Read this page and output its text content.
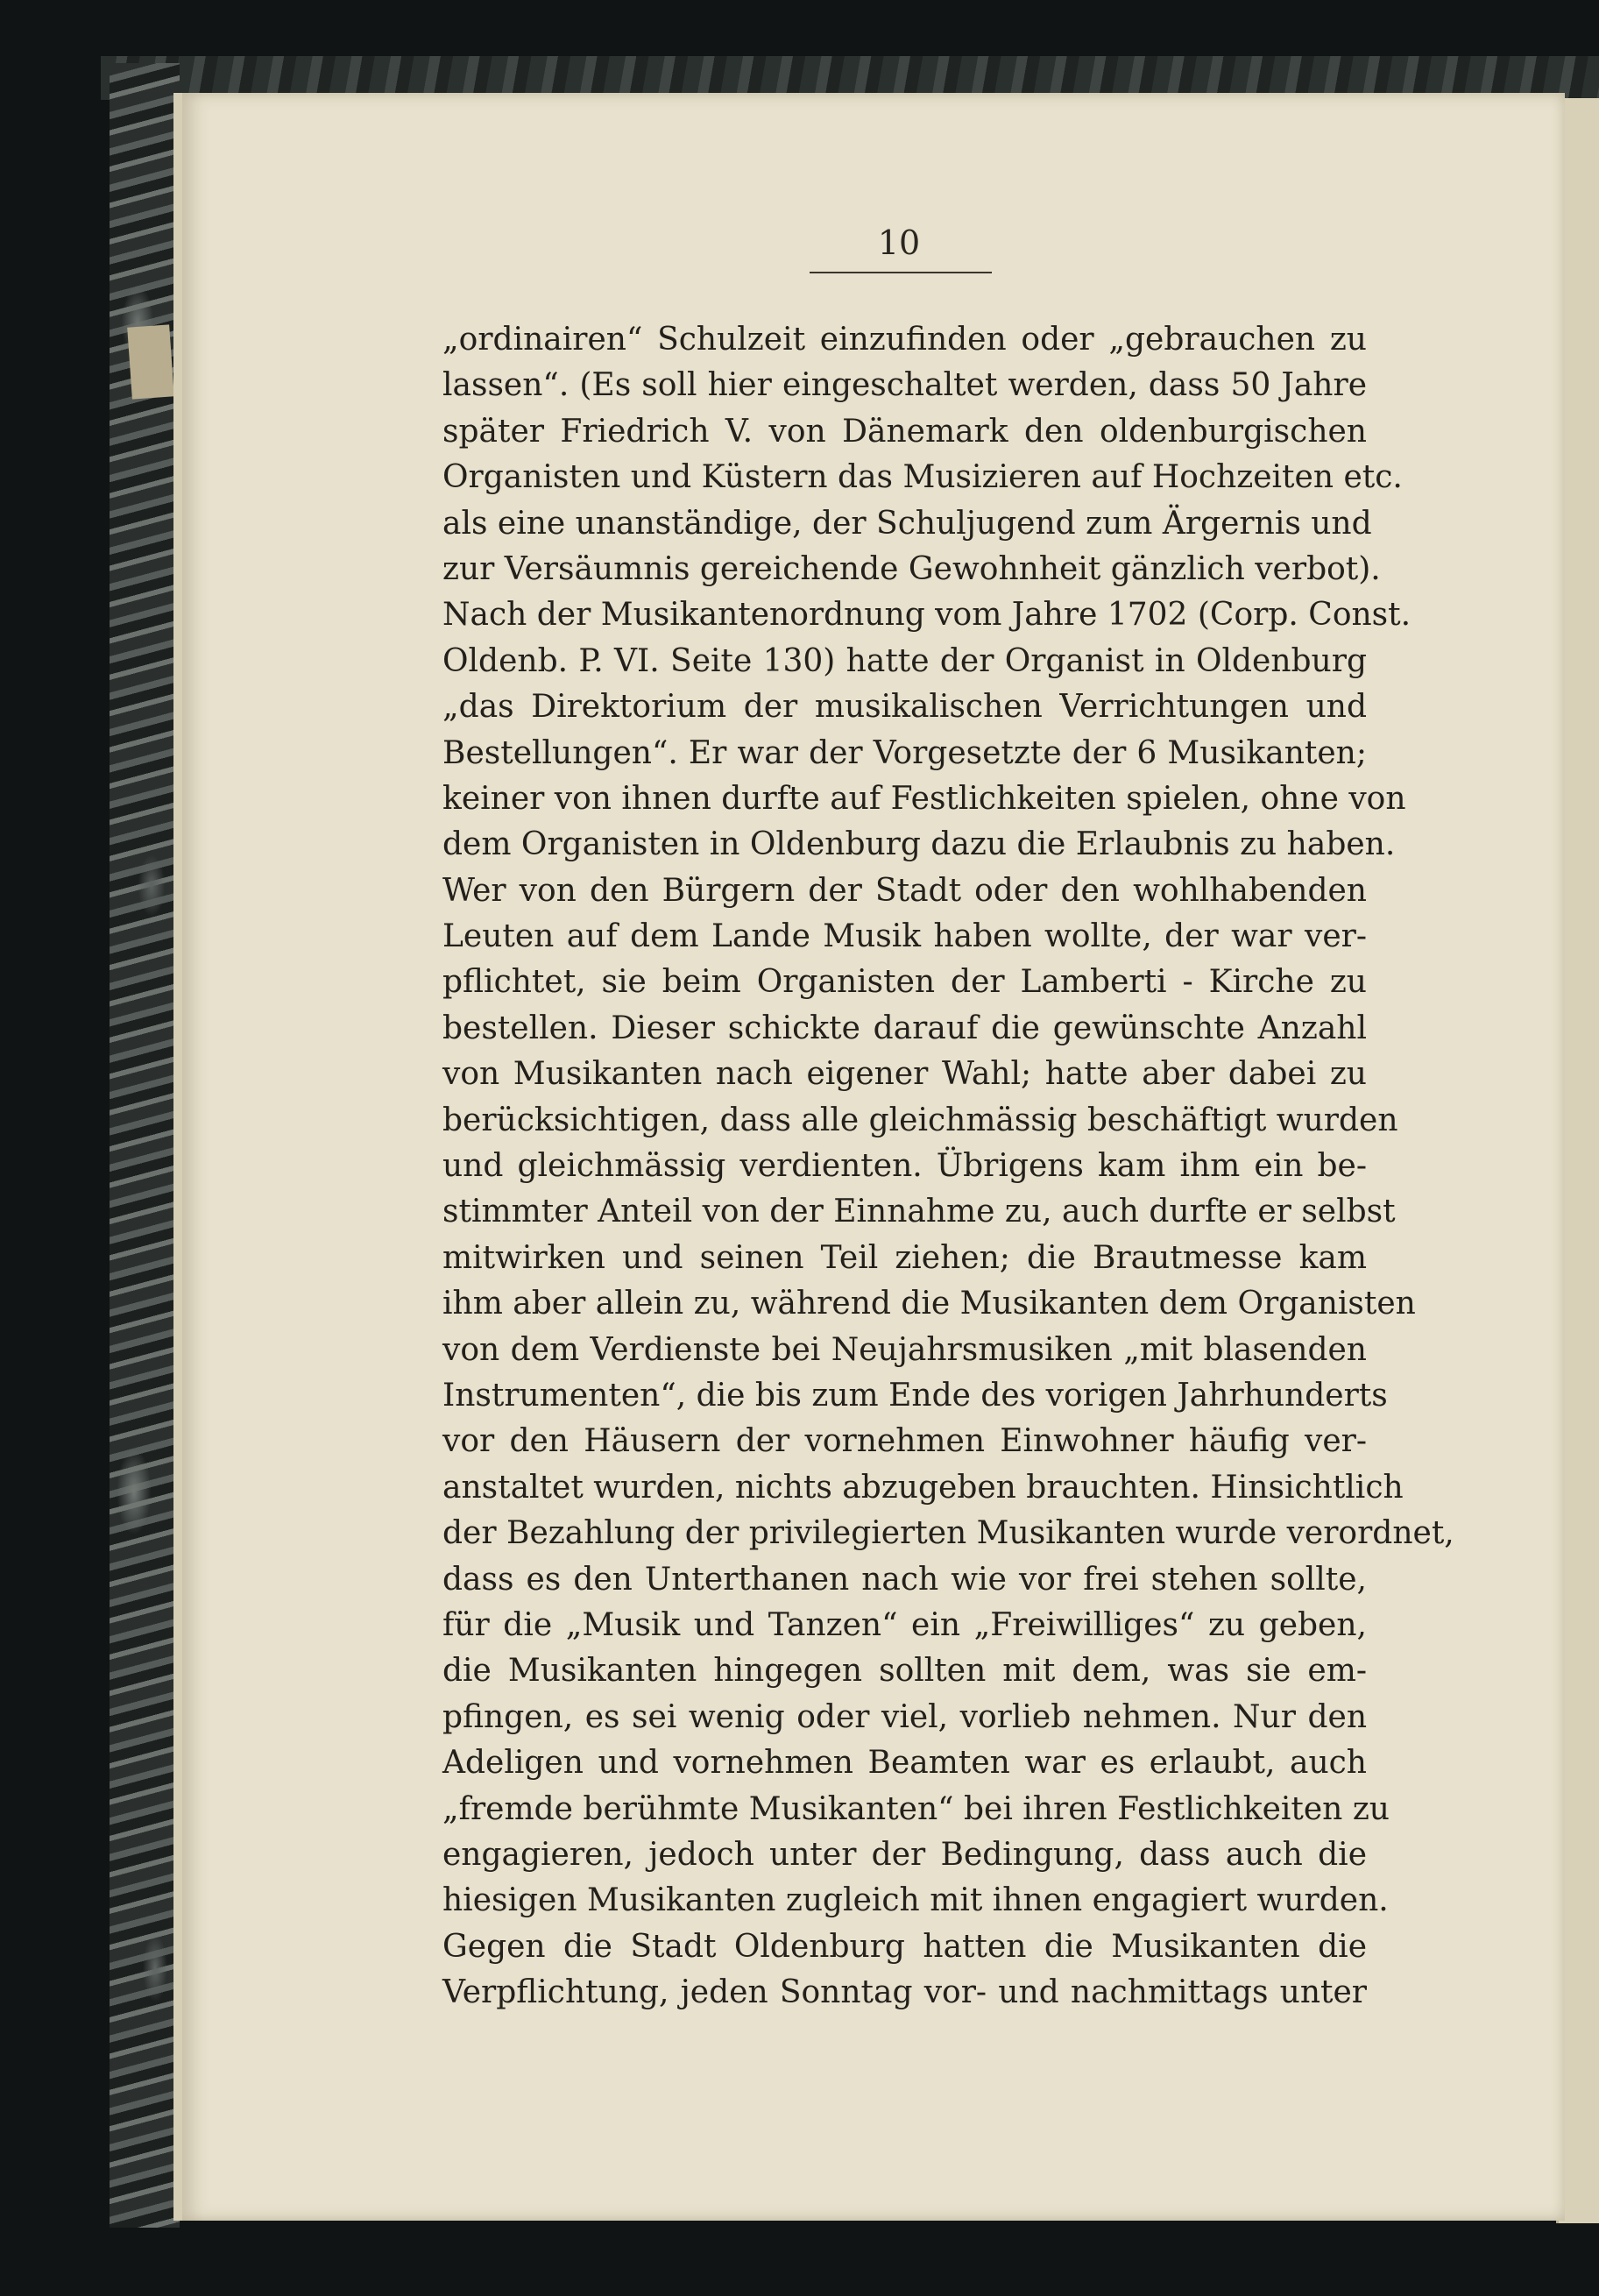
10
„ordinairen“ Schulzeit einzufinden oder „gebrauchen zu
lassen“. (Es soll hier eingeschaltet werden, dass 50 Jahre
später Friedrich V. von Dänemark den oldenburgischen
Organisten und Küstern das Musizieren auf Hochzeiten etc.
als eine unanständige, der Schuljugend zum Ärgernis und
zur Versäumnis gereichende Gewohnheit gänzlich verbot).
Nach der Musikantenordnung vom Jahre 1702 (Corp. Const.
Oldenb. P. VI. Seite 130) hatte der Organist in Oldenburg
„das Direktorium der musikalischen Verrichtungen und
Bestellungen“. Er war der Vorgesetzte der 6 Musikanten;
keiner von ihnen durfte auf Festlichkeiten spielen, ohne von
dem Organisten in Oldenburg dazu die Erlaubnis zu haben.
Wer von den Bürgern der Stadt oder den wohlhabenden
Leuten auf dem Lande Musik haben wollte, der war ver-
pflichtet, sie beim Organisten der Lamberti - Kirche zu
bestellen. Dieser schickte darauf die gewünschte Anzahl
von Musikanten nach eigener Wahl; hatte aber dabei zu
berücksichtigen, dass alle gleichmässig beschäftigt wurden
und gleichmässig verdienten. Übrigens kam ihm ein be-
stimmter Anteil von der Einnahme zu, auch durfte er selbst
mitwirken und seinen Teil ziehen; die Brautmesse kam
ihm aber allein zu, während die Musikanten dem Organisten
von dem Verdienste bei Neujahrsmusiken „mit blasenden
Instrumenten“, die bis zum Ende des vorigen Jahrhunderts
vor den Häusern der vornehmen Einwohner häufig ver-
anstaltet wurden, nichts abzugeben brauchten. Hinsichtlich
der Bezahlung der privilegierten Musikanten wurde verordnet,
dass es den Unterthanen nach wie vor frei stehen sollte,
für die „Musik und Tanzen“ ein „Freiwilliges“ zu geben,
die Musikanten hingegen sollten mit dem, was sie em-
pfingen, es sei wenig oder viel, vorlieb nehmen. Nur den
Adeligen und vornehmen Beamten war es erlaubt, auch
„fremde berühmte Musikanten“ bei ihren Festlichkeiten zu
engagieren, jedoch unter der Bedingung, dass auch die
hiesigen Musikanten zugleich mit ihnen engagiert wurden.
Gegen die Stadt Oldenburg hatten die Musikanten die
Verpflichtung, jeden Sonntag vor- und nachmittags unter
